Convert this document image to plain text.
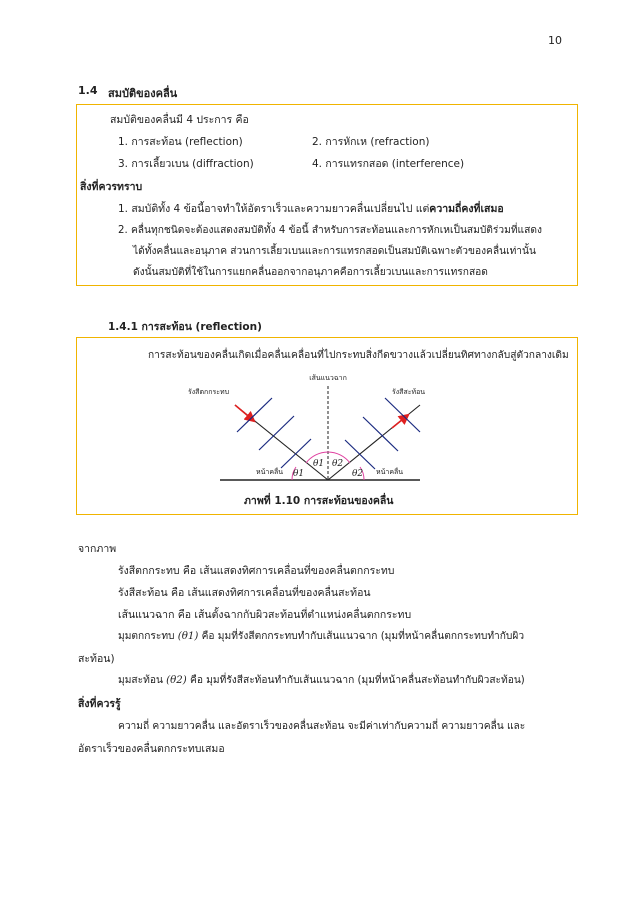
10
1.4 สมบัติของคลื่น
สมบัติของคลื่นมี 4 ประการ คือ
1. การสะท้อน (reflection)	2. การหักเห (refraction)
3. การเลี้ยวเบน (diffraction)	4. การแทรกสอด (interference)
สิ่งที่ควรทราบ
1. สมบัติทั้ง 4 ข้อนี้อาจทำให้อัตราเร็วและความยาวคลื่นเปลี่ยนไป แต่ความถี่คงที่เสมอ
2. คลื่นทุกชนิดจะต้องแสดงสมบัติทั้ง 4 ข้อนี้ สำหรับการสะท้อนและการหักเหเป็นสมบัติร่วมที่แสดง
ได้ทั้งคลื่นและอนุภาค ส่วนการเลี้ยวเบนและการแทรกสอดเป็นสมบัติเฉพาะตัวของคลื่นเท่านั้น
ดังนั้นสมบัติที่ใช้ในการแยกคลื่นออกจากอนุภาคคือการเลี้ยวเบนและการแทรกสอด
1.4.1 การสะท้อน (reflection)
การสะท้อนของคลื่นเกิดเมื่อคลื่นเคลื่อนที่ไปกระทบสิ่งกีดขวางแล้วเปลี่ยนทิศทางกลับสู่ตัวกลางเดิม
เส้นแนวฉาก
รังสีตกกระทบ	รังสีสะท้อน
หน้าคลื่น	หน้าคลื่น
θ1
θ1 θ2
θ2
ภาพที่ 1.10 การสะท้อนของคลื่น
จากภาพ
รังสีตกกระทบ คือ เส้นแสดงทิศการเคลื่อนที่ของคลื่นตกกระทบ
รังสีสะท้อน คือ เส้นแสดงทิศการเคลื่อนที่ของคลื่นสะท้อน
เส้นแนวฉาก คือ เส้นตั้งฉากกับผิวสะท้อนที่ตำแหน่งคลื่นตกกระทบ
มุมตกกระทบ (θ1) คือ มุมที่รังสีตกกระทบทำกับเส้นแนวฉาก (มุมที่หน้าคลื่นตกกระทบทำกับผิว
สะท้อน)
มุมสะท้อน (θ2) คือ มุมที่รังสีสะท้อนทำกับเส้นแนวฉาก (มุมที่หน้าคลื่นสะท้อนทำกับผิวสะท้อน)
สิ่งที่ควรรู้
ความถี่ ความยาวคลื่น และอัตราเร็วของคลื่นสะท้อน จะมีค่าเท่ากับความถี่ ความยาวคลื่น และ
อัตราเร็วของคลื่นตกกระทบเสมอ
